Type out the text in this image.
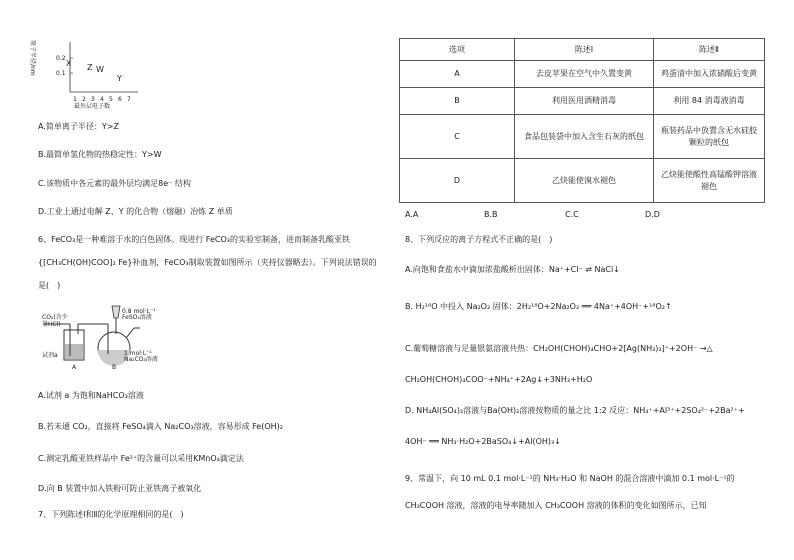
原子半径/nm	0.2
0.1
X Z W
Y
1 2 3 4 5 6 7
最外层电子数
A.简单离子半径：Y>Z
B.最简单氢化物的热稳定性：Y>W
C.该物质中各元素的最外层均满足8e⁻ 结构
D.工业上通过电解 Z、Y 的化合物（熔融）冶炼 Z 单质
6、FeCO₃是一种难溶于水的白色固体。现进行 FeCO₃的实验室制备，进而制备乳酸亚铁
{[CH₃CH(OH)COO]₂ Fe}补血剂，FeCO₃制取装置如图所示（夹持仪器略去）。下列说法错误的
是(　)
CO₂(含少量HCl)
试剂a
A	B
0.8 mol·L⁻¹
FeSO₄溶液
1 mol·L⁻¹
Na₂CO₃溶液
A.试剂 a 为饱和NaHCO₃溶液
B.若未通 CO₂，直接将 FeSO₄滴入 Na₂CO₃溶液，容易形成 Fe(OH)₂
C.测定乳酸亚铁样品中 Fe²⁺的含量可以采用KMnO₄滴定法
D.向 B 装置中加入铁粉可防止亚铁离子被氧化
7、下列陈述Ⅰ和Ⅱ的化学原理相同的是(　)
选项	陈述Ⅰ	陈述Ⅱ
A	去皮苹果在空气中久置变黄	鸡蛋清中加入浓硝酸后变黄
B	利用医用酒精消毒	利用 84 消毒液消毒
C	食品包装袋中加入含生石灰的纸包	瓶装药品中放置含无水硅胶颗粒的纸包
D	乙炔能使溴水褪色	乙炔能使酸性高锰酸钾溶液褪色
A.A	B.B	C.C	D.D
8、下列反应的离子方程式不正确的是(　)
A.向饱和食盐水中滴加浓盐酸析出固体：Na⁺+Cl⁻ ⇌ NaCl↓
B. H₂¹⁸O 中投入 Na₂O₂ 固体：2H₂¹⁸O+2Na₂O₂ ══ 4Na⁺+4OH⁻+¹⁸O₂↑
C.葡萄糖溶液与足量银氨溶液共热：CH₂OH(CHOH)₄CHO+2[Ag(NH₃)₂]⁺+2OH⁻ →△
CH₂OH(CHOH)₄COO⁻+NH₄⁺+2Ag↓+3NH₃+H₂O
D. NH₄Al(SO₄)₂溶液与Ba(OH)₂溶液按物质的量之比 1:2 反应：NH₄⁺+Al³⁺+2SO₄²⁻+2Ba²⁺+
4OH⁻ ══ NH₃·H₂O+2BaSO₄↓+Al(OH)₃↓
9、常温下，向 10 mL 0.1 mol·L⁻¹的 NH₃·H₂O 和 NaOH 的混合溶液中滴加 0.1 mol·L⁻¹的
CH₃COOH 溶液，溶液的电导率随加入 CH₃COOH 溶液的体积的变化如图所示，已知
